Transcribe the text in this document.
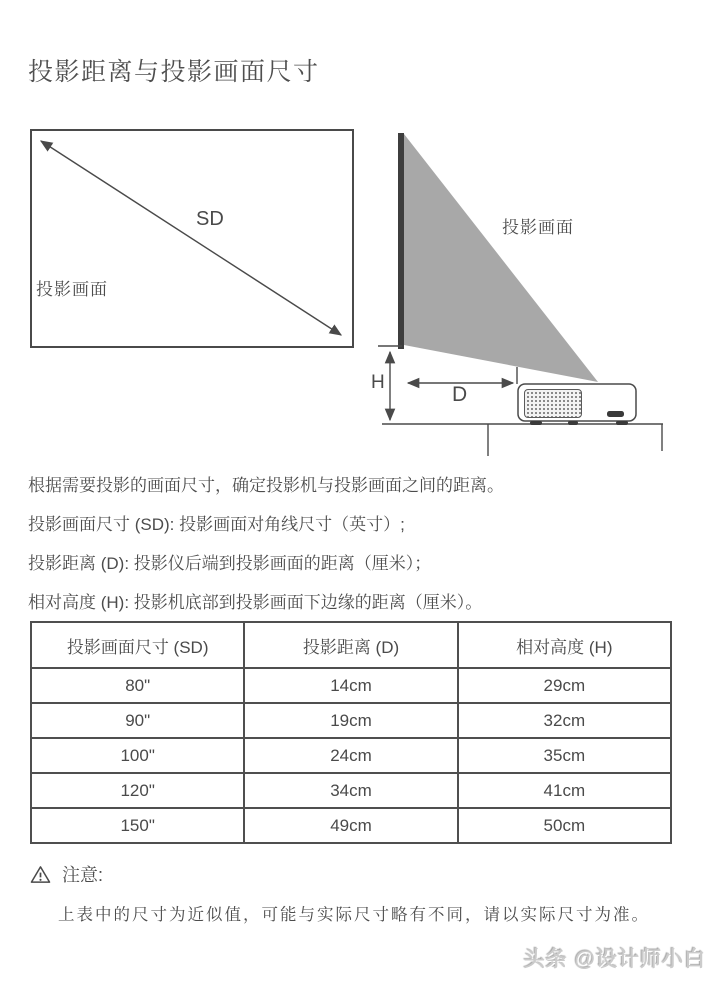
投影距离与投影画面尺寸
SD
投影画面
投影画面
H
D
根据需要投影的画面尺寸，确定投影机与投影画面之间的距离。
投影画面尺寸 (SD): 投影画面对角线尺寸（英寸）;
投影距离 (D): 投影仪后端到投影画面的距离（厘米）；
相对高度 (H): 投影机底部到投影画面下边缘的距离（厘米）。
投影画面尺寸 (SD)	投影距离 (D)	相对高度 (H)
80"	14cm	29cm
90"	19cm	32cm
100"	24cm	35cm
120"	34cm	41cm
150"	49cm	50cm
注意:
上表中的尺寸为近似值，可能与实际尺寸略有不同，请以实际尺寸为准。
头条 @设计师小白
